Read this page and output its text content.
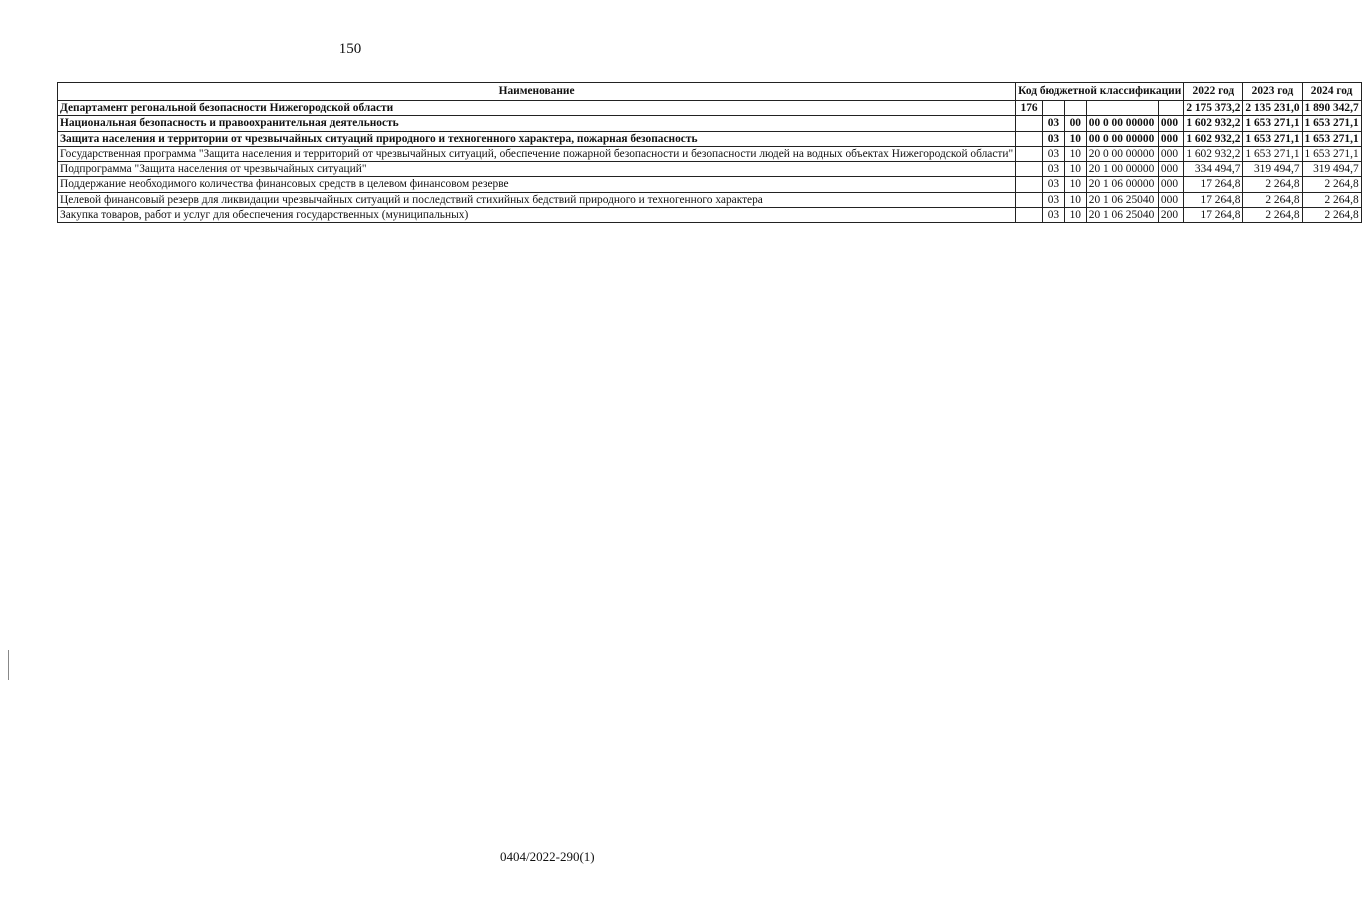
150
Наименование	Код бюджетной классификации					2022 год	2023 год	2024 год
Департамент регональной безопасности Нижегородской области	176					2 175 373,2	2 135 231,0	1 890 342,7
Национальная безопасность и правоохранительная деятельность		03	00	00 0 00 00000	000	1 602 932,2	1 653 271,1	1 653 271,1
Защита населения и территории от чрезвычайных ситуаций природного и техногенного характера, пожарная безопасность		03	10	00 0 00 00000	000	1 602 932,2	1 653 271,1	1 653 271,1
Государственная программа "Защита населения и территорий от чрезвычайных ситуаций, обеспечение пожарной безопасности и безопасности людей на водных объектах Нижегородской области"		03	10	20 0 00 00000	000	1 602 932,2	1 653 271,1	1 653 271,1
Подпрограмма "Защита населения от чрезвычайных ситуаций"		03	10	20 1 00 00000	000	334 494,7	319 494,7	319 494,7
Поддержание необходимого количества финансовых средств в целевом финансовом резерве		03	10	20 1 06 00000	000	17 264,8	2 264,8	2 264,8
Целевой финансовый резерв для ликвидации чрезвычайных ситуаций и последствий стихийных бедствий природного и техногенного характера		03	10	20 1 06 25040	000	17 264,8	2 264,8	2 264,8
Закупка товаров, работ и услуг для обеспечения государственных (муниципальных)		03	10	20 1 06 25040	200	17 264,8	2 264,8	2 264,8
0404/2022-290(1)
